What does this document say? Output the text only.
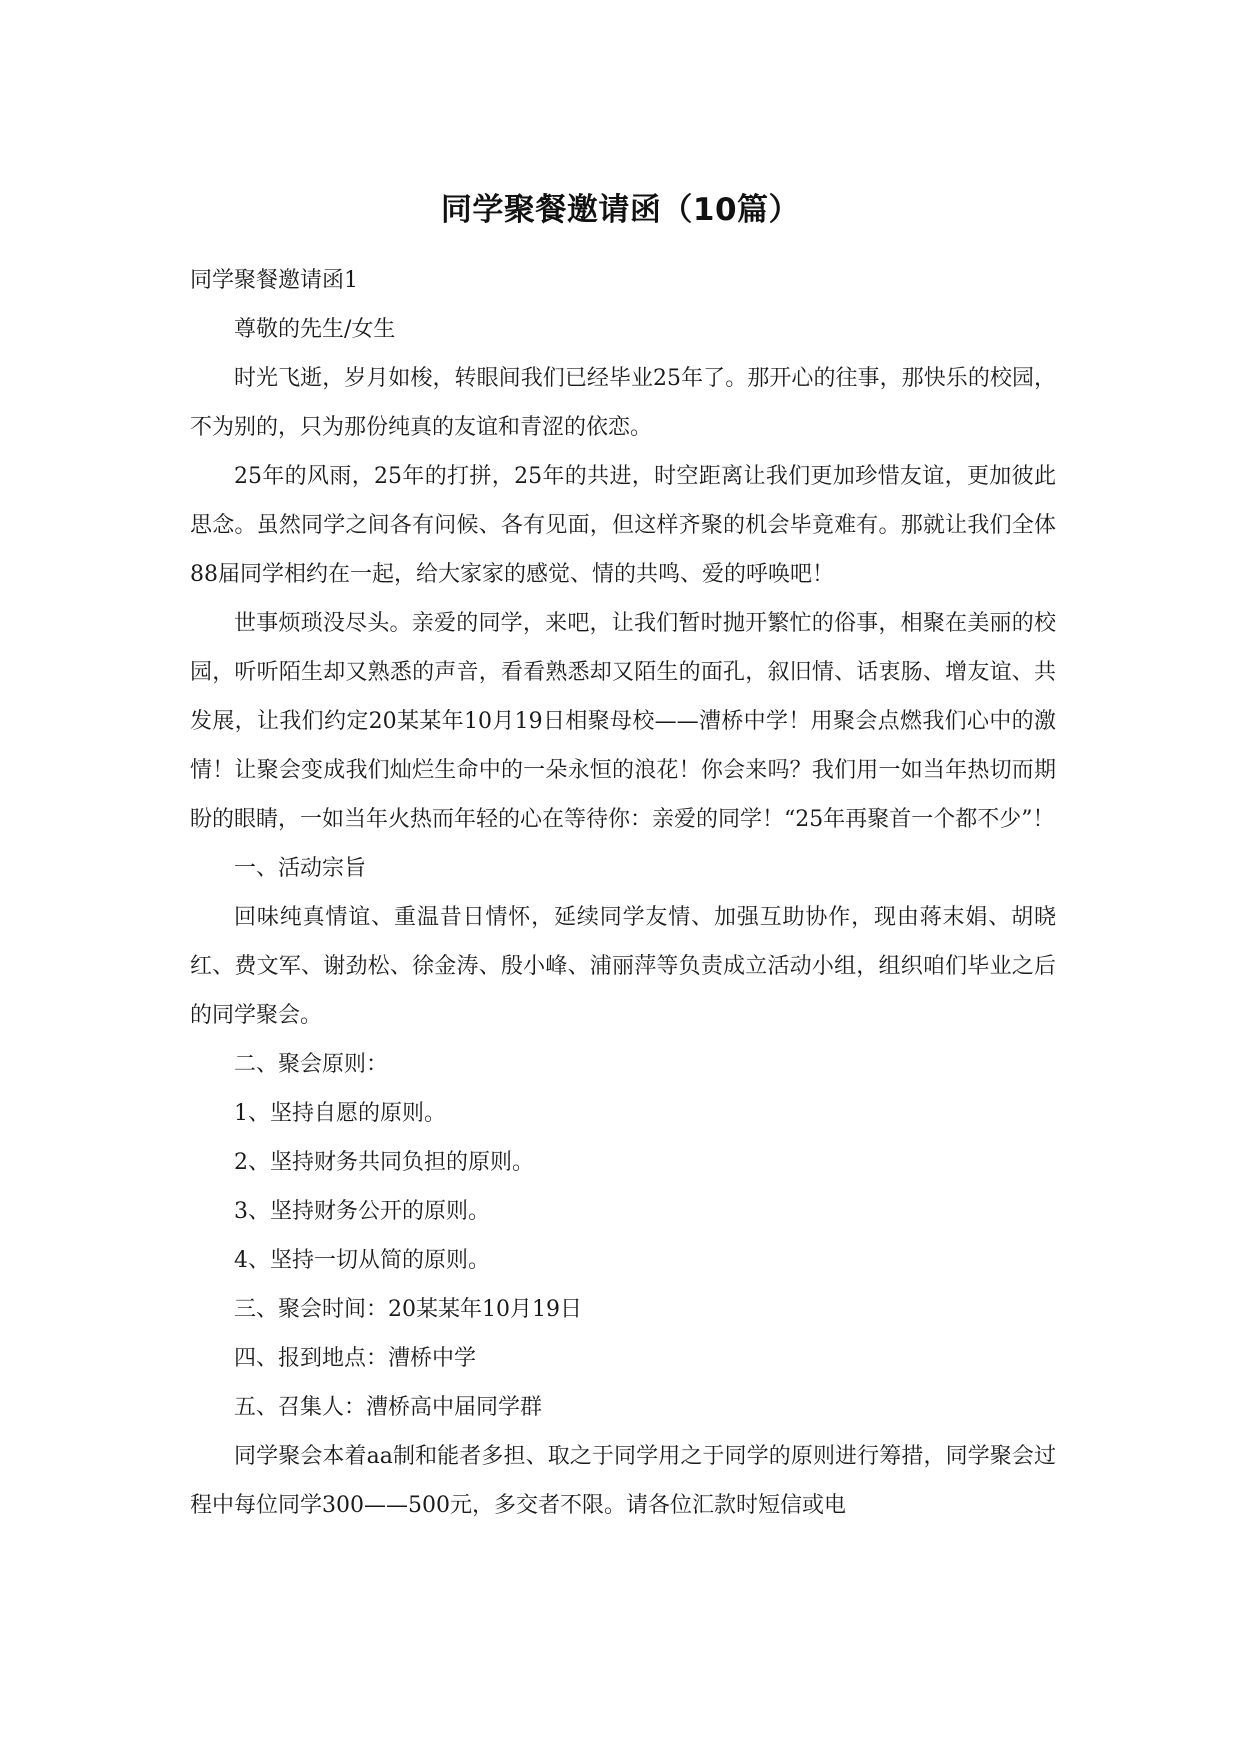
同学聚餐邀请函（10篇）

同学聚餐邀请函1

尊敬的先生/女生

时光飞逝，岁月如梭，转眼间我们已经毕业25年了。那开心的往事，那快乐的校园，不为别的，只为那份纯真的友谊和青涩的依恋。

25年的风雨，25年的打拼，25年的共进，时空距离让我们更加珍惜友谊，更加彼此思念。虽然同学之间各有问候、各有见面，但这样齐聚的机会毕竟难有。那就让我们全体88届同学相约在一起，给大家家的感觉、情的共鸣、爱的呼唤吧！

世事烦琐没尽头。亲爱的同学，来吧，让我们暂时抛开繁忙的俗事，相聚在美丽的校园，听听陌生却又熟悉的声音，看看熟悉却又陌生的面孔，叙旧情、话衷肠、增友谊、共发展，让我们约定20某某年10月19日相聚母校——漕桥中学！用聚会点燃我们心中的激情！让聚会变成我们灿烂生命中的一朵永恒的浪花！你会来吗？我们用一如当年热切而期盼的眼睛，一如当年火热而年轻的心在等待你：亲爱的同学！“25年再聚首一个都不少”！

一、活动宗旨

回味纯真情谊、重温昔日情怀，延续同学友情、加强互助协作，现由蒋末娟、胡晓红、费文军、谢劲松、徐金涛、殷小峰、浦丽萍等负责成立活动小组，组织咱们毕业之后的同学聚会。

二、聚会原则：

1、坚持自愿的原则。

2、坚持财务共同负担的原则。

3、坚持财务公开的原则。

4、坚持一切从简的原则。

三、聚会时间：20某某年10月19日

四、报到地点：漕桥中学

五、召集人：漕桥高中届同学群

同学聚会本着aa制和能者多担、取之于同学用之于同学的原则进行筹措，同学聚会过程中每位同学300——500元，多交者不限。请各位汇款时短信或电
